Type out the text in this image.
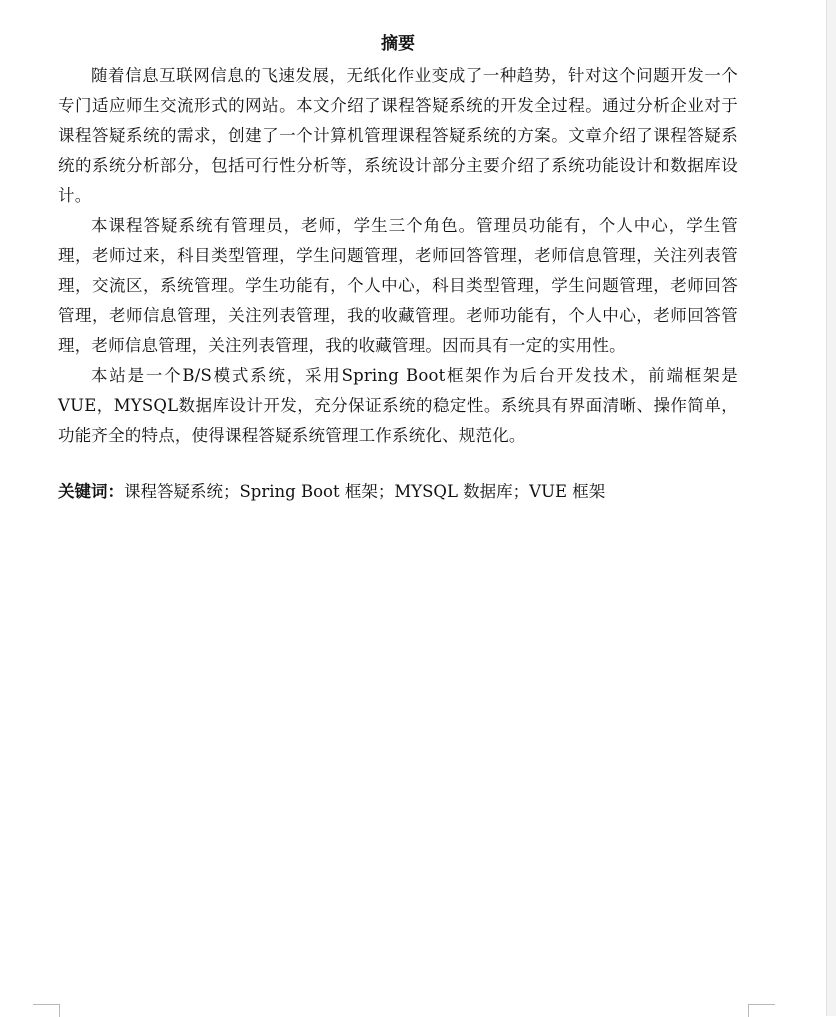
摘要

随着信息互联网信息的飞速发展，无纸化作业变成了一种趋势，针对这个问题开发一个专门适应师生交流形式的网站。本文介绍了课程答疑系统的开发全过程。通过分析企业对于课程答疑系统的需求，创建了一个计算机管理课程答疑系统的方案。文章介绍了课程答疑系统的系统分析部分，包括可行性分析等，系统设计部分主要介绍了系统功能设计和数据库设计。

本课程答疑系统有管理员，老师，学生三个角色。管理员功能有，个人中心，学生管理，老师过来，科目类型管理，学生问题管理，老师回答管理，老师信息管理，关注列表管理，交流区，系统管理。学生功能有，个人中心，科目类型管理，学生问题管理，老师回答管理，老师信息管理，关注列表管理，我的收藏管理。老师功能有，个人中心，老师回答管理，老师信息管理，关注列表管理，我的收藏管理。因而具有一定的实用性。

本站是一个B/S模式系统，采用Spring Boot框架作为后台开发技术，前端框架是VUE，MYSQL数据库设计开发，充分保证系统的稳定性。系统具有界面清晰、操作简单，功能齐全的特点，使得课程答疑系统管理工作系统化、规范化。

关键词：课程答疑系统；Spring Boot 框架；MYSQL 数据库；VUE 框架
